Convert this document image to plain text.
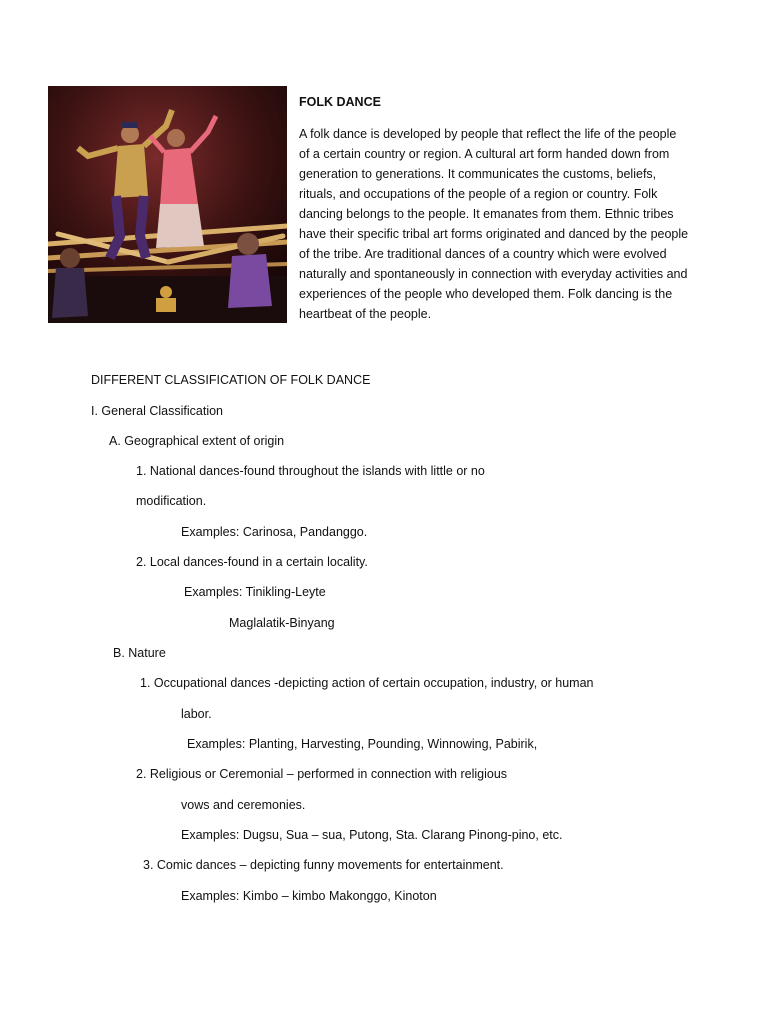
FOLK DANCE
A folk dance is developed by people that reflect the life of the people
of a certain country or region. A cultural art form handed down from
generation to generations. It communicates the customs, beliefs,
rituals, and occupations of the people of a region or country. Folk
dancing belongs to the people. It emanates from them. Ethnic tribes
have their specific tribal art forms originated and danced by the people
of the tribe. Are traditional dances of a country which were evolved
naturally and spontaneously in connection with everyday activities and
experiences of the people who developed them. Folk dancing is the
heartbeat of the people.
DIFFERENT CLASSIFICATION OF FOLK DANCE
I. General Classification
A. Geographical extent of origin
1. National dances-found throughout the islands with little or no
modification.
Examples: Carinosa, Pandanggo.
2. Local dances-found in a certain locality.
Examples: Tinikling-Leyte
Maglalatik-Binyang
B. Nature
1. Occupational dances -depicting action of certain occupation, industry, or human
labor.
Examples: Planting, Harvesting, Pounding, Winnowing, Pabirik,
2. Religious or Ceremonial – performed in connection with religious
vows and ceremonies.
Examples: Dugsu, Sua – sua, Putong, Sta. Clarang Pinong-pino, etc.
3. Comic dances – depicting funny movements for entertainment.
Examples: Kimbo – kimbo Makonggo, Kinoton
